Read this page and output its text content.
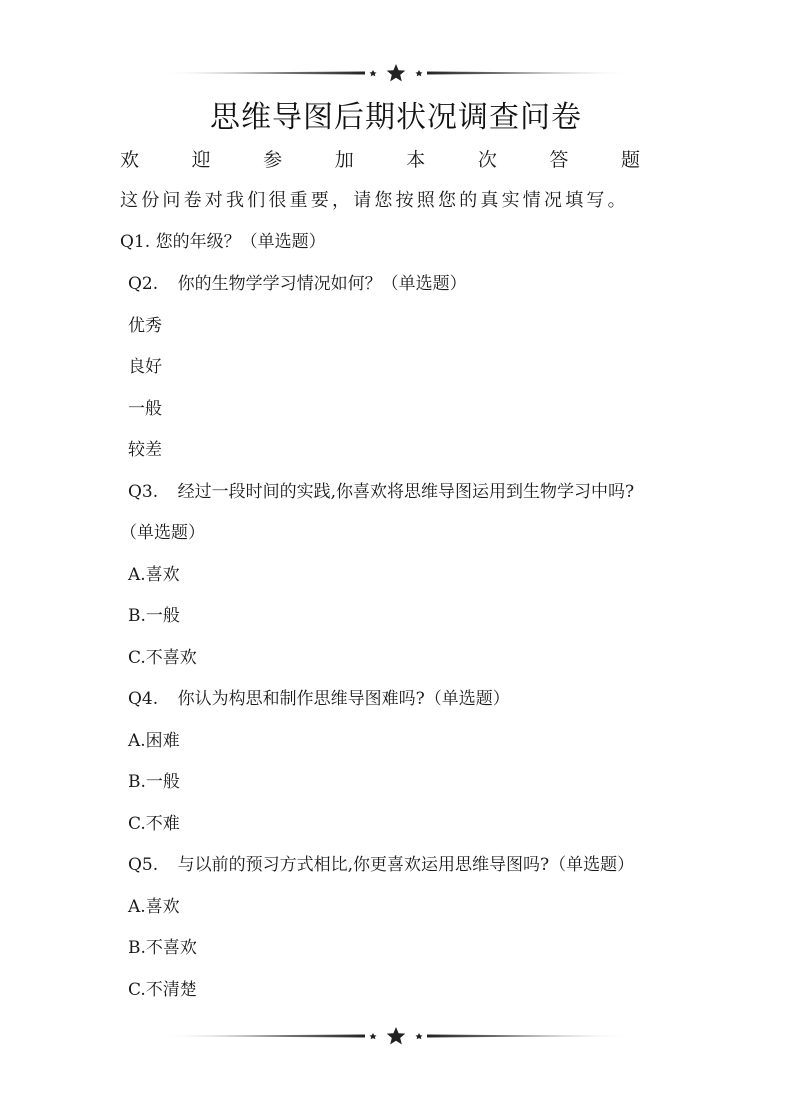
思维导图后期状况调查问卷
欢	迎	参	加	本	次	答	题
这份问卷对我们很重要，请您按照您的真实情况填写。
Q1. 您的年级？（单选题）
Q2. 你的生物学学习情况如何？（单选题）
优秀
良好
一般
较差
Q3. 经过一段时间的实践,你喜欢将思维导图运用到生物学习中吗?
（单选题）
A.喜欢
B.一般
C.不喜欢
Q4. 你认为构思和制作思维导图难吗?（单选题）
A.困难
B.一般
C.不难
Q5. 与以前的预习方式相比,你更喜欢运用思维导图吗?（单选题）
A.喜欢
B.不喜欢
C.不清楚
